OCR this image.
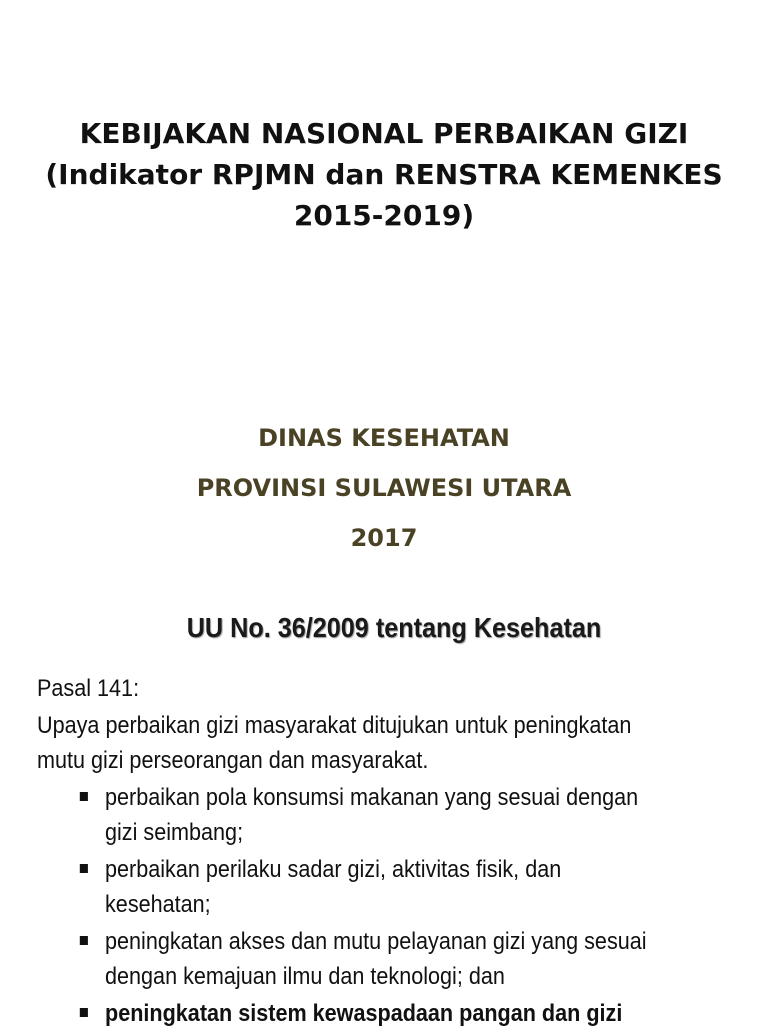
KEBIJAKAN NASIONAL PERBAIKAN GIZI
(Indikator RPJMN dan RENSTRA KEMENKES
2015-2019)
DINAS KESEHATAN
PROVINSI SULAWESI UTARA
2017
UU No. 36/2009 tentang Kesehatan
Pasal 141:
Upaya perbaikan gizi masyarakat ditujukan untuk peningkatan
mutu gizi perseorangan dan masyarakat.
perbaikan pola konsumsi makanan yang sesuai dengan
gizi seimbang;
perbaikan perilaku sadar gizi, aktivitas fisik, dan
kesehatan;
peningkatan akses dan mutu pelayanan gizi yang sesuai
dengan kemajuan ilmu dan teknologi; dan
peningkatan sistem kewaspadaan pangan dan gizi
